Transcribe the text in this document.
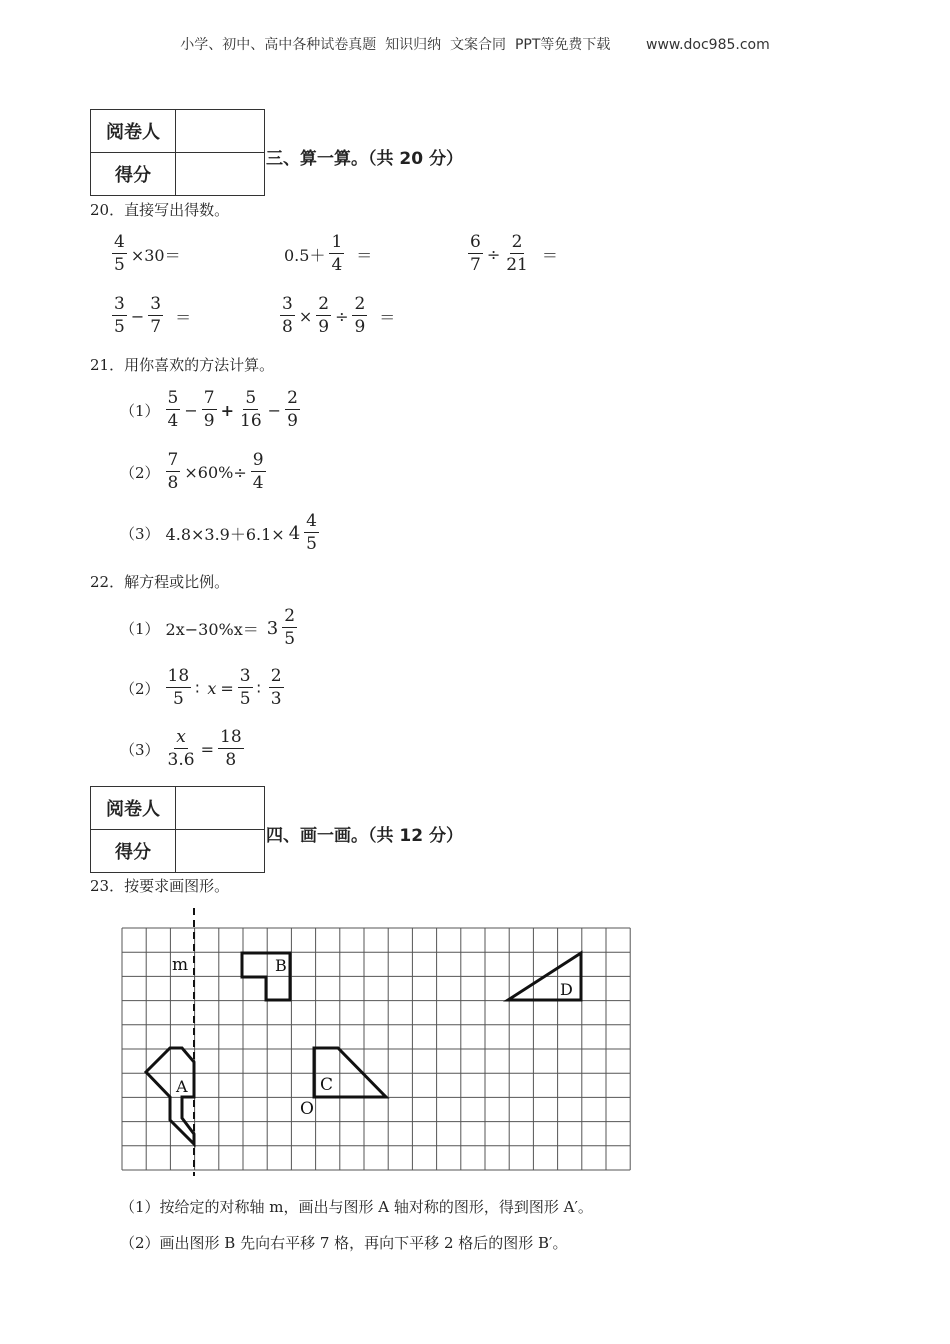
小学、初中、高中各种试卷真题  知识归纳  文案合同  PPT等免费下载	www.doc985.com
阅卷人	
得分	
三、算一算。（共 20 分）
20．直接写出得数。
$\frac{4}{5} \times 30=$	$0.5+ \frac{1}{4}$ ＝	$\frac{6}{7} \div \frac{2}{21}$ ＝
$\frac{3}{5} - \frac{3}{7}$ ＝	$\frac{3}{8} \times \frac{2}{9} \div \frac{2}{9}$ ＝
21．用你喜欢的方法计算。
$(1) \frac{5}{4} - \frac{7}{9} + \frac{5}{16} - \frac{2}{9}$
$(2) \frac{7}{8} \times 60\%\div \frac{9}{4}$
（3） $4.8\times 3.9+6.1\times 4 \frac{4}{5}$
22．解方程或比例。
（1） $2x-30\%x= 3 \frac{2}{5}$
$(2) \frac{18}{5}$ ∶ $x = \frac{3}{5}$ ∶ $\frac{2}{3}$
$(3) \frac{x}{3.6} = \frac{18}{8}$
阅卷人	
得分	
四、画一画。（共 12 分）
23．按要求画图形。
m	B
D
C
A
O
（1）按给定的对称轴 m，画出与图形 A 轴对称的图形，得到图形 A′。
（2）画出图形 B 先向右平移 7 格，再向下平移 2 格后的图形 B′。
